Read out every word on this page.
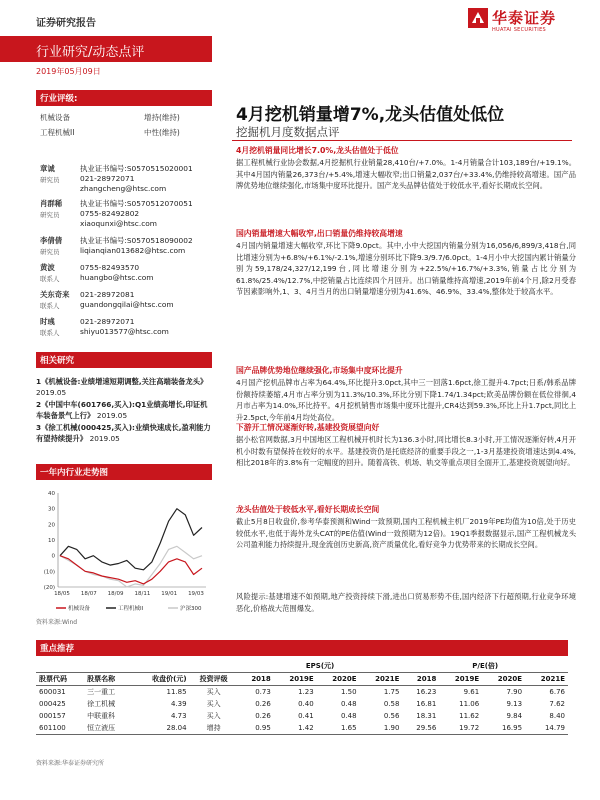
证券研究报告	华泰证券
HUATAI SECURITIES
行业研究/动态点评
2019年05月09日
行业评级:
机械设备	增持(维持)
工程机械II	中性(维持)
章诚
研究员
执业证书编号:S0570515020001
021-28972071
zhangcheng@htsc.com
肖群稀
研究员
执业证书编号:S0570512070051
0755-82492802
xiaoqunxi@htsc.com
李倩倩
研究员
执业证书编号:S0570518090002
liqianqian013682@htsc.com
黄波
联系人
0755-82493570
huangbo@htsc.com
关东奇来
联系人
021-28972081
guandongqilai@htsc.com
时彧
联系人
021-28972071
shiyu013577@htsc.com
相关研究
1《机械设备:业绩增速短期调整,关注高端装备龙头》 2019.05
2《中国中车(601766,买入):Q1业绩高增长,印证机车装备景气上行》 2019.05
3《徐工机械(000425,买入):业绩快速成长,盈利能力有望持续提升》 2019.05
一年内行业走势图
(20)
(10)
0
10
20
30
40
18/05 18/07 18/09 18/11 19/01 19/03
机械设备	工程机械II	沪深300
资料来源:Wind
4月挖机销量增7%,龙头估值处低位
挖掘机月度数据点评
4月挖机销量同比增长7.0%,龙头估值处于低位
据工程机械行业协会数据,4月挖掘机行业销量28,410台/+7.0%。1-4月销量合计103,189台/+19.1%。其中4月国内销量26,373台/+5.4%,增速大幅收窄;出口销量2,037台/+33.4%,仍维持较高增速。国产品牌优势地位继续强化,市场集中度环比提升。国产龙头品牌估值处于较低水平,看好长期成长空间。
国内销量增速大幅收窄,出口销量仍维持较高增速
4月国内销量增速大幅收窄,环比下降9.0pct。其中,小中大挖国内销量分别为16,056/6,899/3,418台,同比增速分别为+6.8%/+6.1%/-2.1%,增速分别环比下降9.3/9.7/6.0pct。1-4月小中大挖国内累计销量分别为59,178/24,327/12,199台,同比增速分别为+22.5%/+16.7%/+3.3%,销量占比分别为61.8%/25.4%/12.7%,中挖销量占比连续四个月回升。出口销量维持高增速,2019年前4个月,除2月受春节因素影响外,1、3、4月当月的出口销量增速分别为41.6%、46.9%、33.4%,整体处于较高水平。
国产品牌优势地位继续强化,市场集中度环比提升
4月国产挖机品牌市占率为64.4%,环比提升3.0pct,其中三一回落1.6pct,徐工提升4.7pct;日系/韩系品牌份额持续萎缩,4月市占率分别为11.3%/10.3%,环比分别下降1.74/1.34pct;欧美品牌份额在低位徘徊,4月市占率为14.0%,环比持平。4月挖机销售市场集中度环比提升,CR4达到59.3%,环比上升1.7pct,同比上升2.5pct,今年前4月均处高位。
下游开工情况逐渐好转,基建投资展望向好
据小松官网数据,3月中国地区工程机械开机时长为136.3小时,同比增长8.3小时,开工情况逐渐好转,4月开机小时数有望保持在较好的水平。基建投资仍是托底经济的重要手段之一,1-3月基建投资增速达到4.4%,相比2018年的3.8%有一定幅度的回升。随着高铁、机场、轨交等重点项目全面开工,基建投资展望向好。
龙头估值处于较低水平,看好长期成长空间
截止5月8日收盘价,参考华泰预测和Wind一致预期,国内工程机械主机厂2019年PE均值为10倍,处于历史较低水平,也低于海外龙头CAT的PE估值(Wind一致预期为12倍)。19Q1季报数据显示,国产工程机械龙头公司盈利能力持续提升,现金流创历史新高,资产质量优化,看好竞争力优势带来的长期成长空间。
风险提示:基建增速不如预期,地产投资持续下滑,进出口贸易形势不佳,国内经济下行超预期,行业竞争环境恶化,价格战大范围爆发。
重点推荐
				EPS(元)				P/E(倍)			
股票代码	股票名称	收盘价(元)	投资评级	2018	2019E	2020E	2021E	2018	2019E	2020E	2021E
600031	三一重工	11.85	买入	0.73	1.23	1.50	1.75	16.23	9.61	7.90	6.76
000425	徐工机械	4.39	买入	0.26	0.40	0.48	0.58	16.81	11.06	9.13	7.62
000157	中联重科	4.73	买入	0.26	0.41	0.48	0.56	18.31	11.62	9.84	8.40
601100	恒立液压	28.04	增持	0.95	1.42	1.65	1.90	29.56	19.72	16.95	14.79
资料来源:华泰证券研究所
